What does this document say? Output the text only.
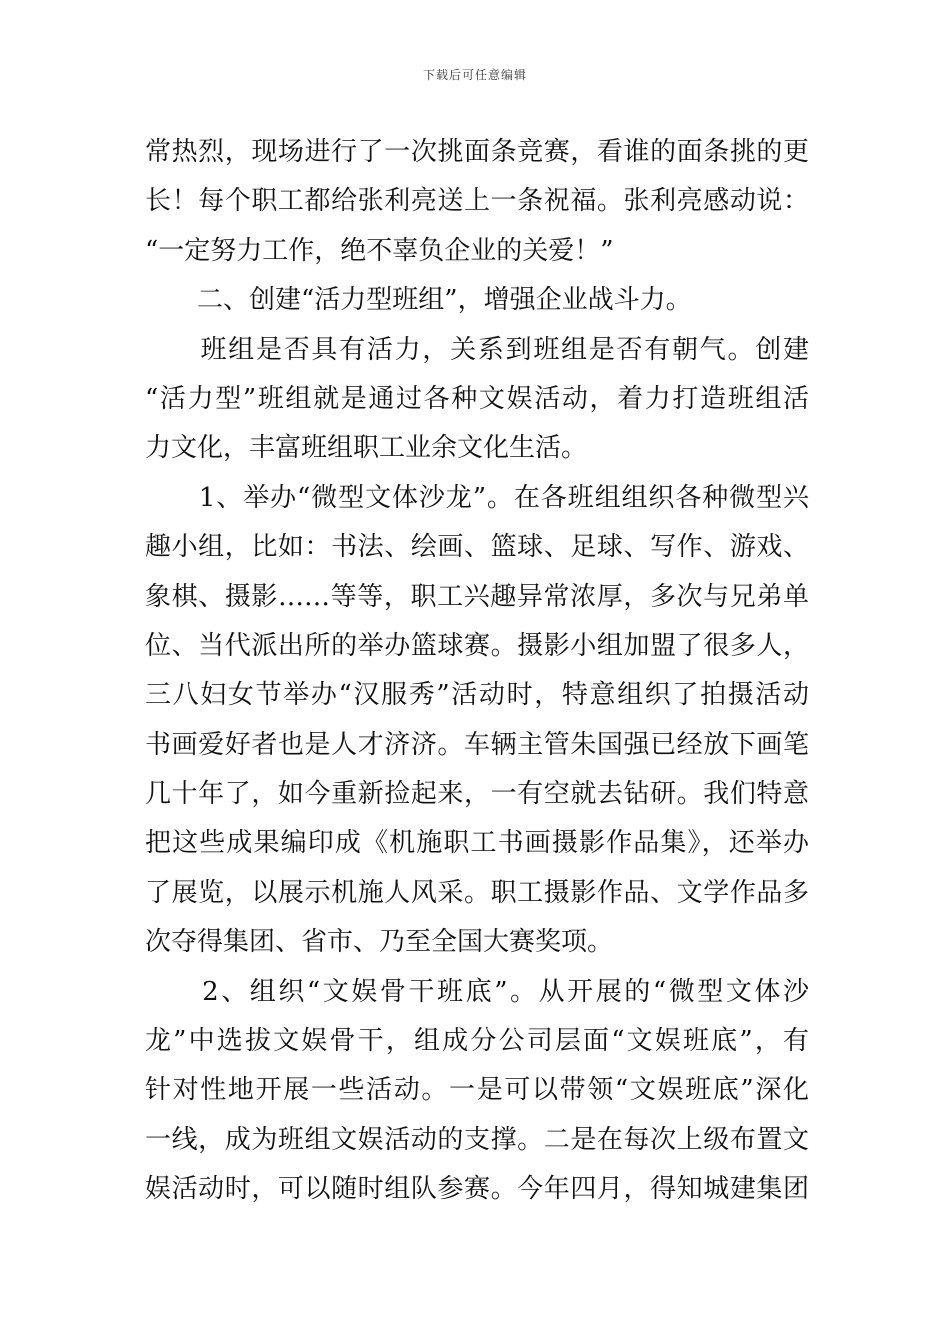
下载后可任意编辑
常热烈，现场进行了一次挑面条竞赛，看谁的面条挑的更
长！每个职工都给张利亮送上一条祝福。张利亮感动说：
“一定努力工作，绝不辜负企业的关爱！”
　　二、创建“活力型班组”，增强企业战斗力。
　　班组是否具有活力，关系到班组是否有朝气。创建
“活力型”班组就是通过各种文娱活动，着力打造班组活
力文化，丰富班组职工业余文化生活。
　　1、举办“微型文体沙龙”。在各班组组织各种微型兴
趣小组，比如：书法、绘画、篮球、足球、写作、游戏、
象棋、摄影……等等，职工兴趣异常浓厚，多次与兄弟单
位、当代派出所的举办篮球赛。摄影小组加盟了很多人，
三八妇女节举办“汉服秀”活动时，特意组织了拍摄活动
书画爱好者也是人才济济。车辆主管朱国强已经放下画笔
几十年了，如今重新捡起来，一有空就去钻研。我们特意
把这些成果编印成《机施职工书画摄影作品集》，还举办
了展览，以展示机施人风采。职工摄影作品、文学作品多
次夺得集团、省市、乃至全国大赛奖项。
　　2、组织“文娱骨干班底”。从开展的“微型文体沙
龙”中选拔文娱骨干，组成分公司层面“文娱班底”，有
针对性地开展一些活动。一是可以带领“文娱班底”深化
一线，成为班组文娱活动的支撑。二是在每次上级布置文
娱活动时，可以随时组队参赛。今年四月，得知城建集团
